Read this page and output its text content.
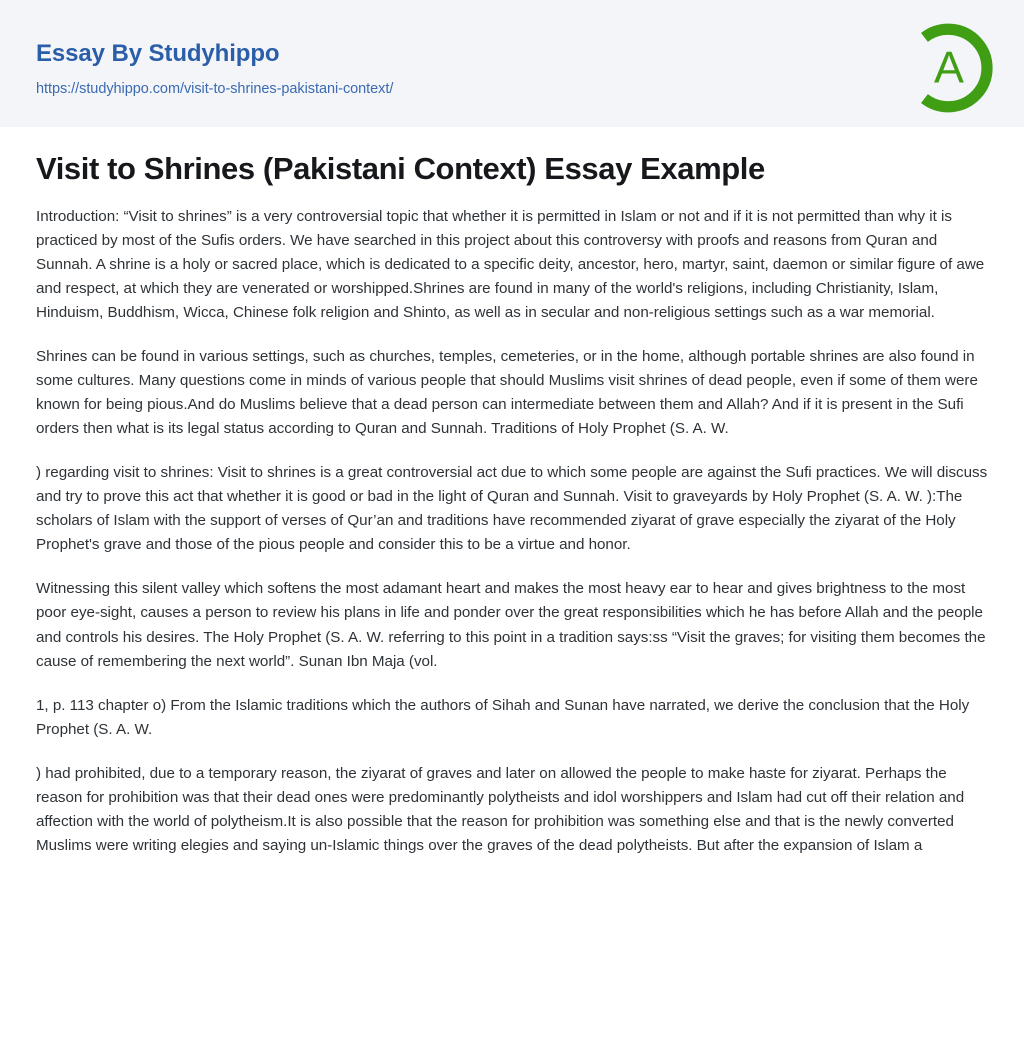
Essay By Studyhippo
https://studyhippo.com/visit-to-shrines-pakistani-context/	A
Visit to Shrines (Pakistani Context) Essay Example

Introduction: “Visit to shrines” is a very controversial topic that whether it is permitted in Islam or not and if it is not permitted than why it is practiced by most of the Sufis orders. We have searched in this project about this controversy with proofs and reasons from Quran and Sunnah. A shrine is a holy or sacred place, which is dedicated to a specific deity, ancestor, hero, martyr, saint, daemon or similar figure of awe and respect, at which they are venerated or worshipped.Shrines are found in many of the world's religions, including Christianity, Islam, Hinduism, Buddhism, Wicca, Chinese folk religion and Shinto, as well as in secular and non-religious settings such as a war memorial.

Shrines can be found in various settings, such as churches, temples, cemeteries, or in the home, although portable shrines are also found in some cultures. Many questions come in minds of various people that should Muslims visit shrines of dead people, even if some of them were known for being pious.And do Muslims believe that a dead person can intermediate between them and Allah? And if it is present in the Sufi orders then what is its legal status according to Quran and Sunnah. Traditions of Holy Prophet (S. A. W.

) regarding visit to shrines: Visit to shrines is a great controversial act due to which some people are against the Sufi practices. We will discuss and try to prove this act that whether it is good or bad in the light of Quran and Sunnah. Visit to graveyards by Holy Prophet (S. A. W. ):The scholars of Islam with the support of verses of Qur’an and traditions have recommended ziyarat of grave especially the ziyarat of the Holy Prophet's grave and those of the pious people and consider this to be a virtue and honor.

Witnessing this silent valley which softens the most adamant heart and makes the most heavy ear to hear and gives brightness to the most poor eye-sight, causes a person to review his plans in life and ponder over the great responsibilities which he has before Allah and the people and controls his desires. The Holy Prophet (S. A. W. referring to this point in a tradition says:ss “Visit the graves; for visiting them becomes the cause of remembering the next world”. Sunan Ibn Maja (vol.

1, p. 113 chapter o) From the Islamic traditions which the authors of Sihah and Sunan have narrated, we derive the conclusion that the Holy Prophet (S. A. W.

) had prohibited, due to a temporary reason, the ziyarat of graves and later on allowed the people to make haste for ziyarat. Perhaps the reason for prohibition was that their dead ones were predominantly polytheists and idol worshippers and Islam had cut off their relation and affection with the world of polytheism.It is also possible that the reason for prohibition was something else and that is the newly converted Muslims were writing elegies and saying un-Islamic things over the graves of the dead polytheists. But after the expansion of Islam a
